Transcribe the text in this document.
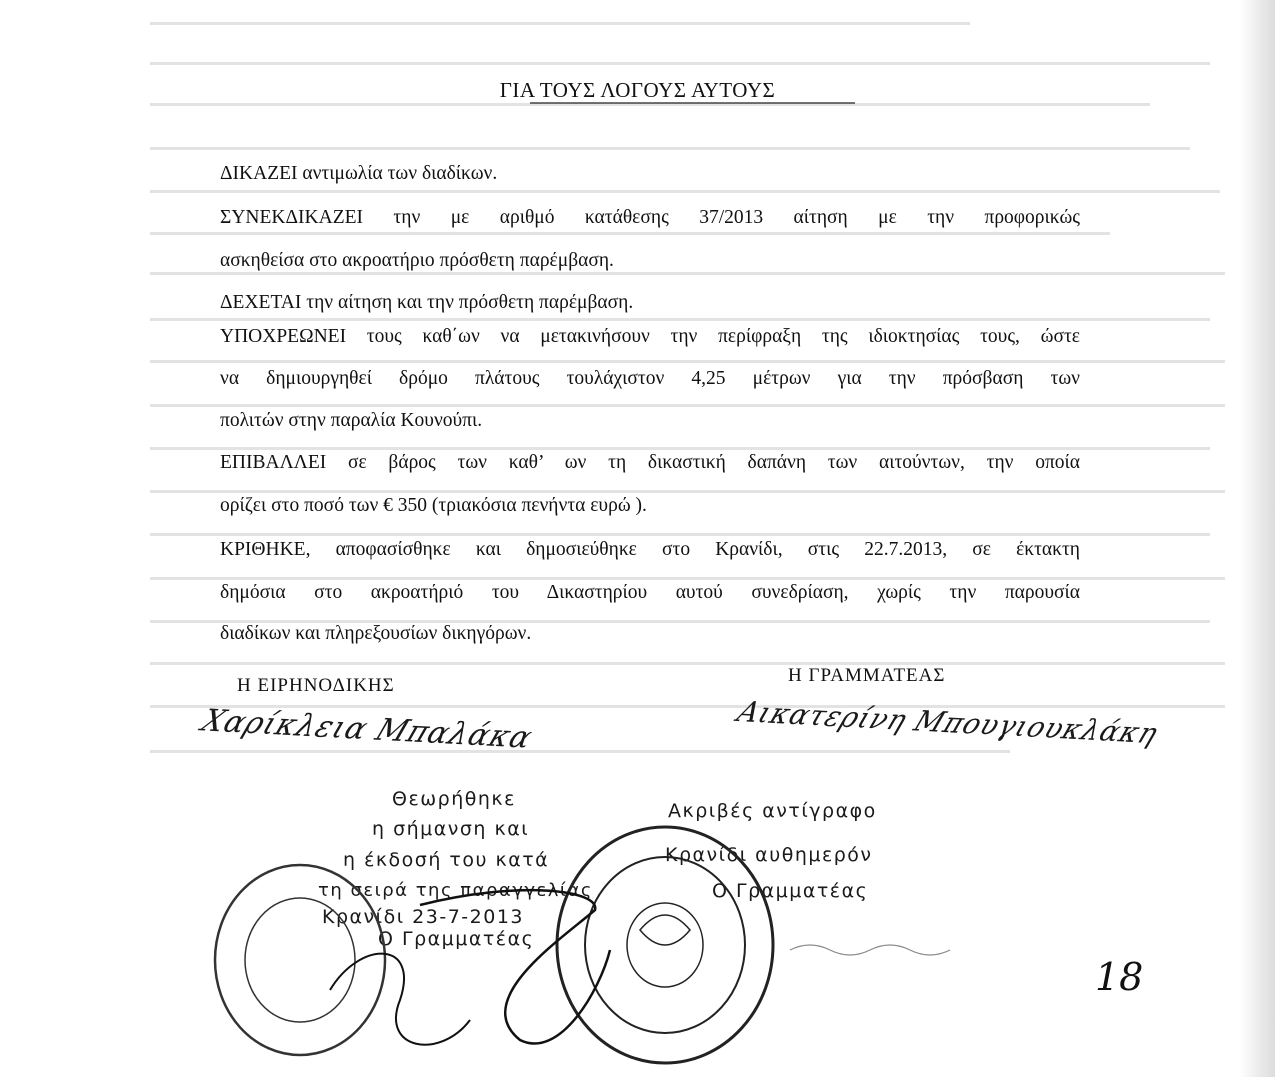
ΓΙΑ ΤΟΥΣ ΛΟΓΟΥΣ ΑΥΤΟΥΣ
ΔΙΚΑΖΕΙ αντιμωλία των διαδίκων.
ΣΥΝΕΚΔΙΚΑΖΕΙ την με αριθμό κατάθεσης 37/2013 αίτηση με την προφορικώς
ασκηθείσα στο ακροατήριο πρόσθετη παρέμβαση.
ΔΕΧΕΤΑΙ την αίτηση και την πρόσθετη παρέμβαση.
ΥΠΟΧΡΕΩΝΕΙ τους καθ΄ων να μετακινήσουν την περίφραξη της ιδιοκτησίας τους, ώστε
να δημιουργηθεί δρόμο πλάτους τουλάχιστον 4,25 μέτρων για την πρόσβαση των
πολιτών στην παραλία Κουνούπι.
ΕΠΙΒΑΛΛΕΙ σε βάρος των καθ’ ων τη δικαστική δαπάνη των αιτούντων, την οποία
ορίζει στο ποσό των € 350 (τριακόσια πενήντα ευρώ ).
ΚΡΙΘΗΚΕ, αποφασίσθηκε και δημοσιεύθηκε στο Κρανίδι, στις 22.7.2013, σε έκτακτη
δημόσια στο ακροατήριό του Δικαστηρίου αυτού συνεδρίαση, χωρίς την παρουσία
διαδίκων και πληρεξουσίων δικηγόρων.
Η ΕΙΡΗΝΟΔΙΚΗΣ	Η ΓΡΑΜΜΑΤΕΑΣ
Χαρίκλεια Μπαλάκα	Αικατερίνη Μπουγιουκλάκη
Θεωρήθηκε
η σήμανση και
η έκδοσή του κατά
τη σειρά της παραγγελίας
Κρανίδι 23-7-2013
Ο Γραμματέας
Ακριβές αντίγραφο
Κρανίδι αυθημερόν
Ο Γραμματέας
18
